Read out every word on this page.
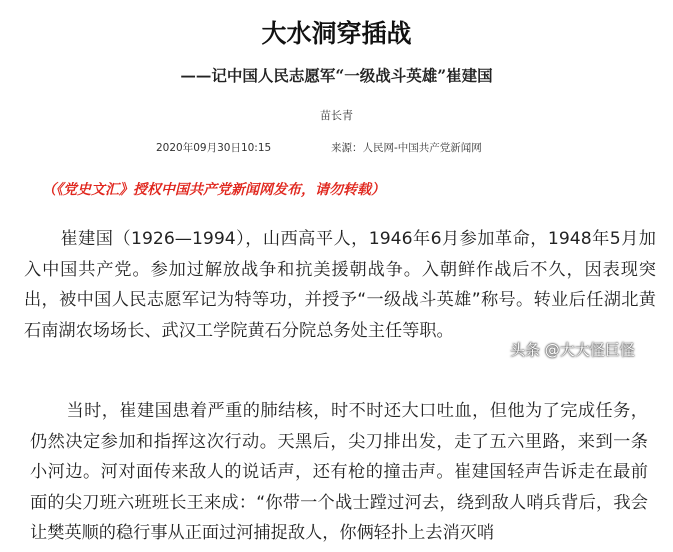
大水洞穿插战
——记中国人民志愿军“一级战斗英雄”崔建国
苗长青
2020年09月30日10:15	来源：人民网-中国共产党新闻网
（《党史文汇》授权中国共产党新闻网发布，请勿转载）
崔建国（1926—1994），山西高平人，1946年6月参加革命，1948年5月加入中国共产党。参加过解放战争和抗美援朝战争。入朝鲜作战后不久，因表现突出，被中国人民志愿军记为特等功，并授予“一级战斗英雄”称号。转业后任湖北黄石南湖农场场长、武汉工学院黄石分院总务处主任等职。
头条 @大大怪巨怪
当时，崔建国患着严重的肺结核，时不时还大口吐血，但他为了完成任务，仍然决定参加和指挥这次行动。天黑后，尖刀排出发，走了五六里路，来到一条小河边。河对面传来敌人的说话声，还有枪的撞击声。崔建国轻声告诉走在最前面的尖刀班六班班长王来成：“你带一个战士蹚过河去，绕到敌人哨兵背后，我会让樊英顺的稳行事从正面过河捕捉敌人，你俩轻扑上去消灭哨
